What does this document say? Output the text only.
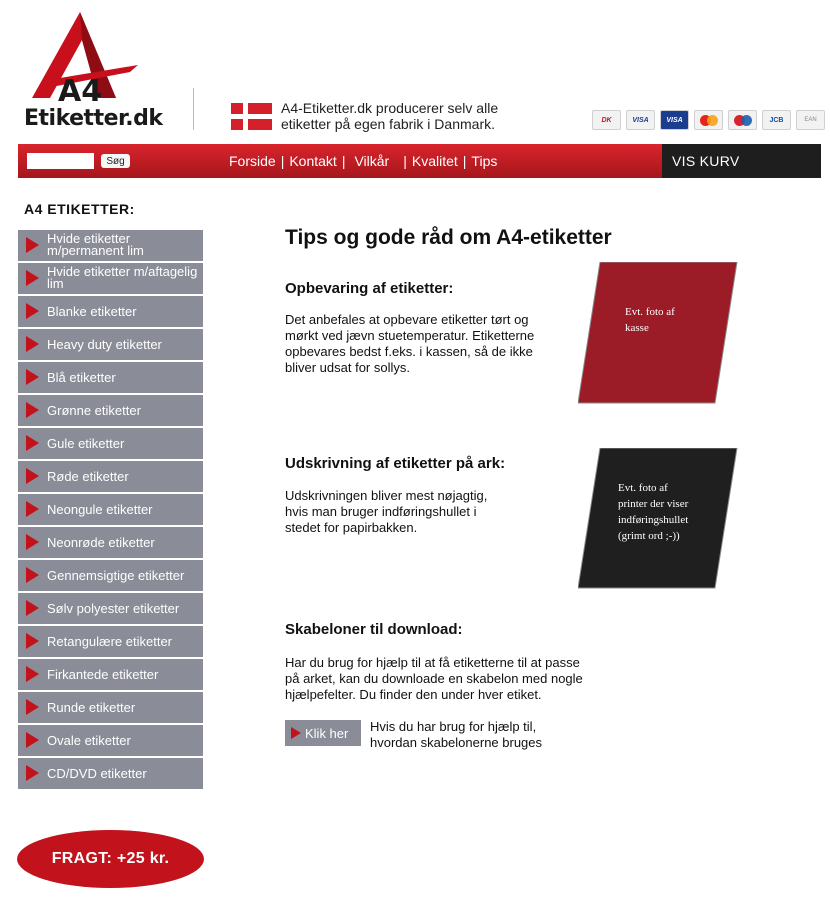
A4
Etiketter.dk	A4-Etiketter.dk producerer selv alle
etiketter på egen fabrik i Danmark.	DK	VISA	VISA	JCB	EAN
Søg	Forside | Kontakt | Vilkår | Kvalitet | Tips	VIS KURV
A4 ETIKETTER:
Hvide etiketter m/permanent lim
Hvide etiketter m/aftagelig lim
Blanke etiketter
Heavy duty etiketter
Blå etiketter
Grønne etiketter
Gule etiketter
Røde etiketter
Neongule etiketter
Neonrøde etiketter
Gennemsigtige etiketter
Sølv polyester etiketter
Retangulære etiketter
Firkantede etiketter
Runde etiketter
Ovale etiketter
CD/DVD etiketter
FRAGT: +25 kr.
Tips og gode råd om A4-etiketter
Opbevaring af etiketter:
Det anbefales at opbevare etiketter tørt og
mørkt ved jævn stuetemperatur. Etiketterne
opbevares bedst f.eks. i kassen, så de ikke
bliver udsat for sollys.
Evt. foto af
kasse
Udskrivning af etiketter på ark:
Udskrivningen bliver mest nøjagtig,
hvis man bruger indføringshullet i
stedet for papirbakken.
Evt. foto af
printer der viser
indføringshullet
(grimt ord ;-))
Skabeloner til download:
Har du brug for hjælp til at få etiketterne til at passe
på arket, kan du downloade en skabelon med nogle
hjælpefelter. Du finder den under hver etiket.
Klik her Hvis du har brug for hjælp til,
hvordan skabelonerne bruges
